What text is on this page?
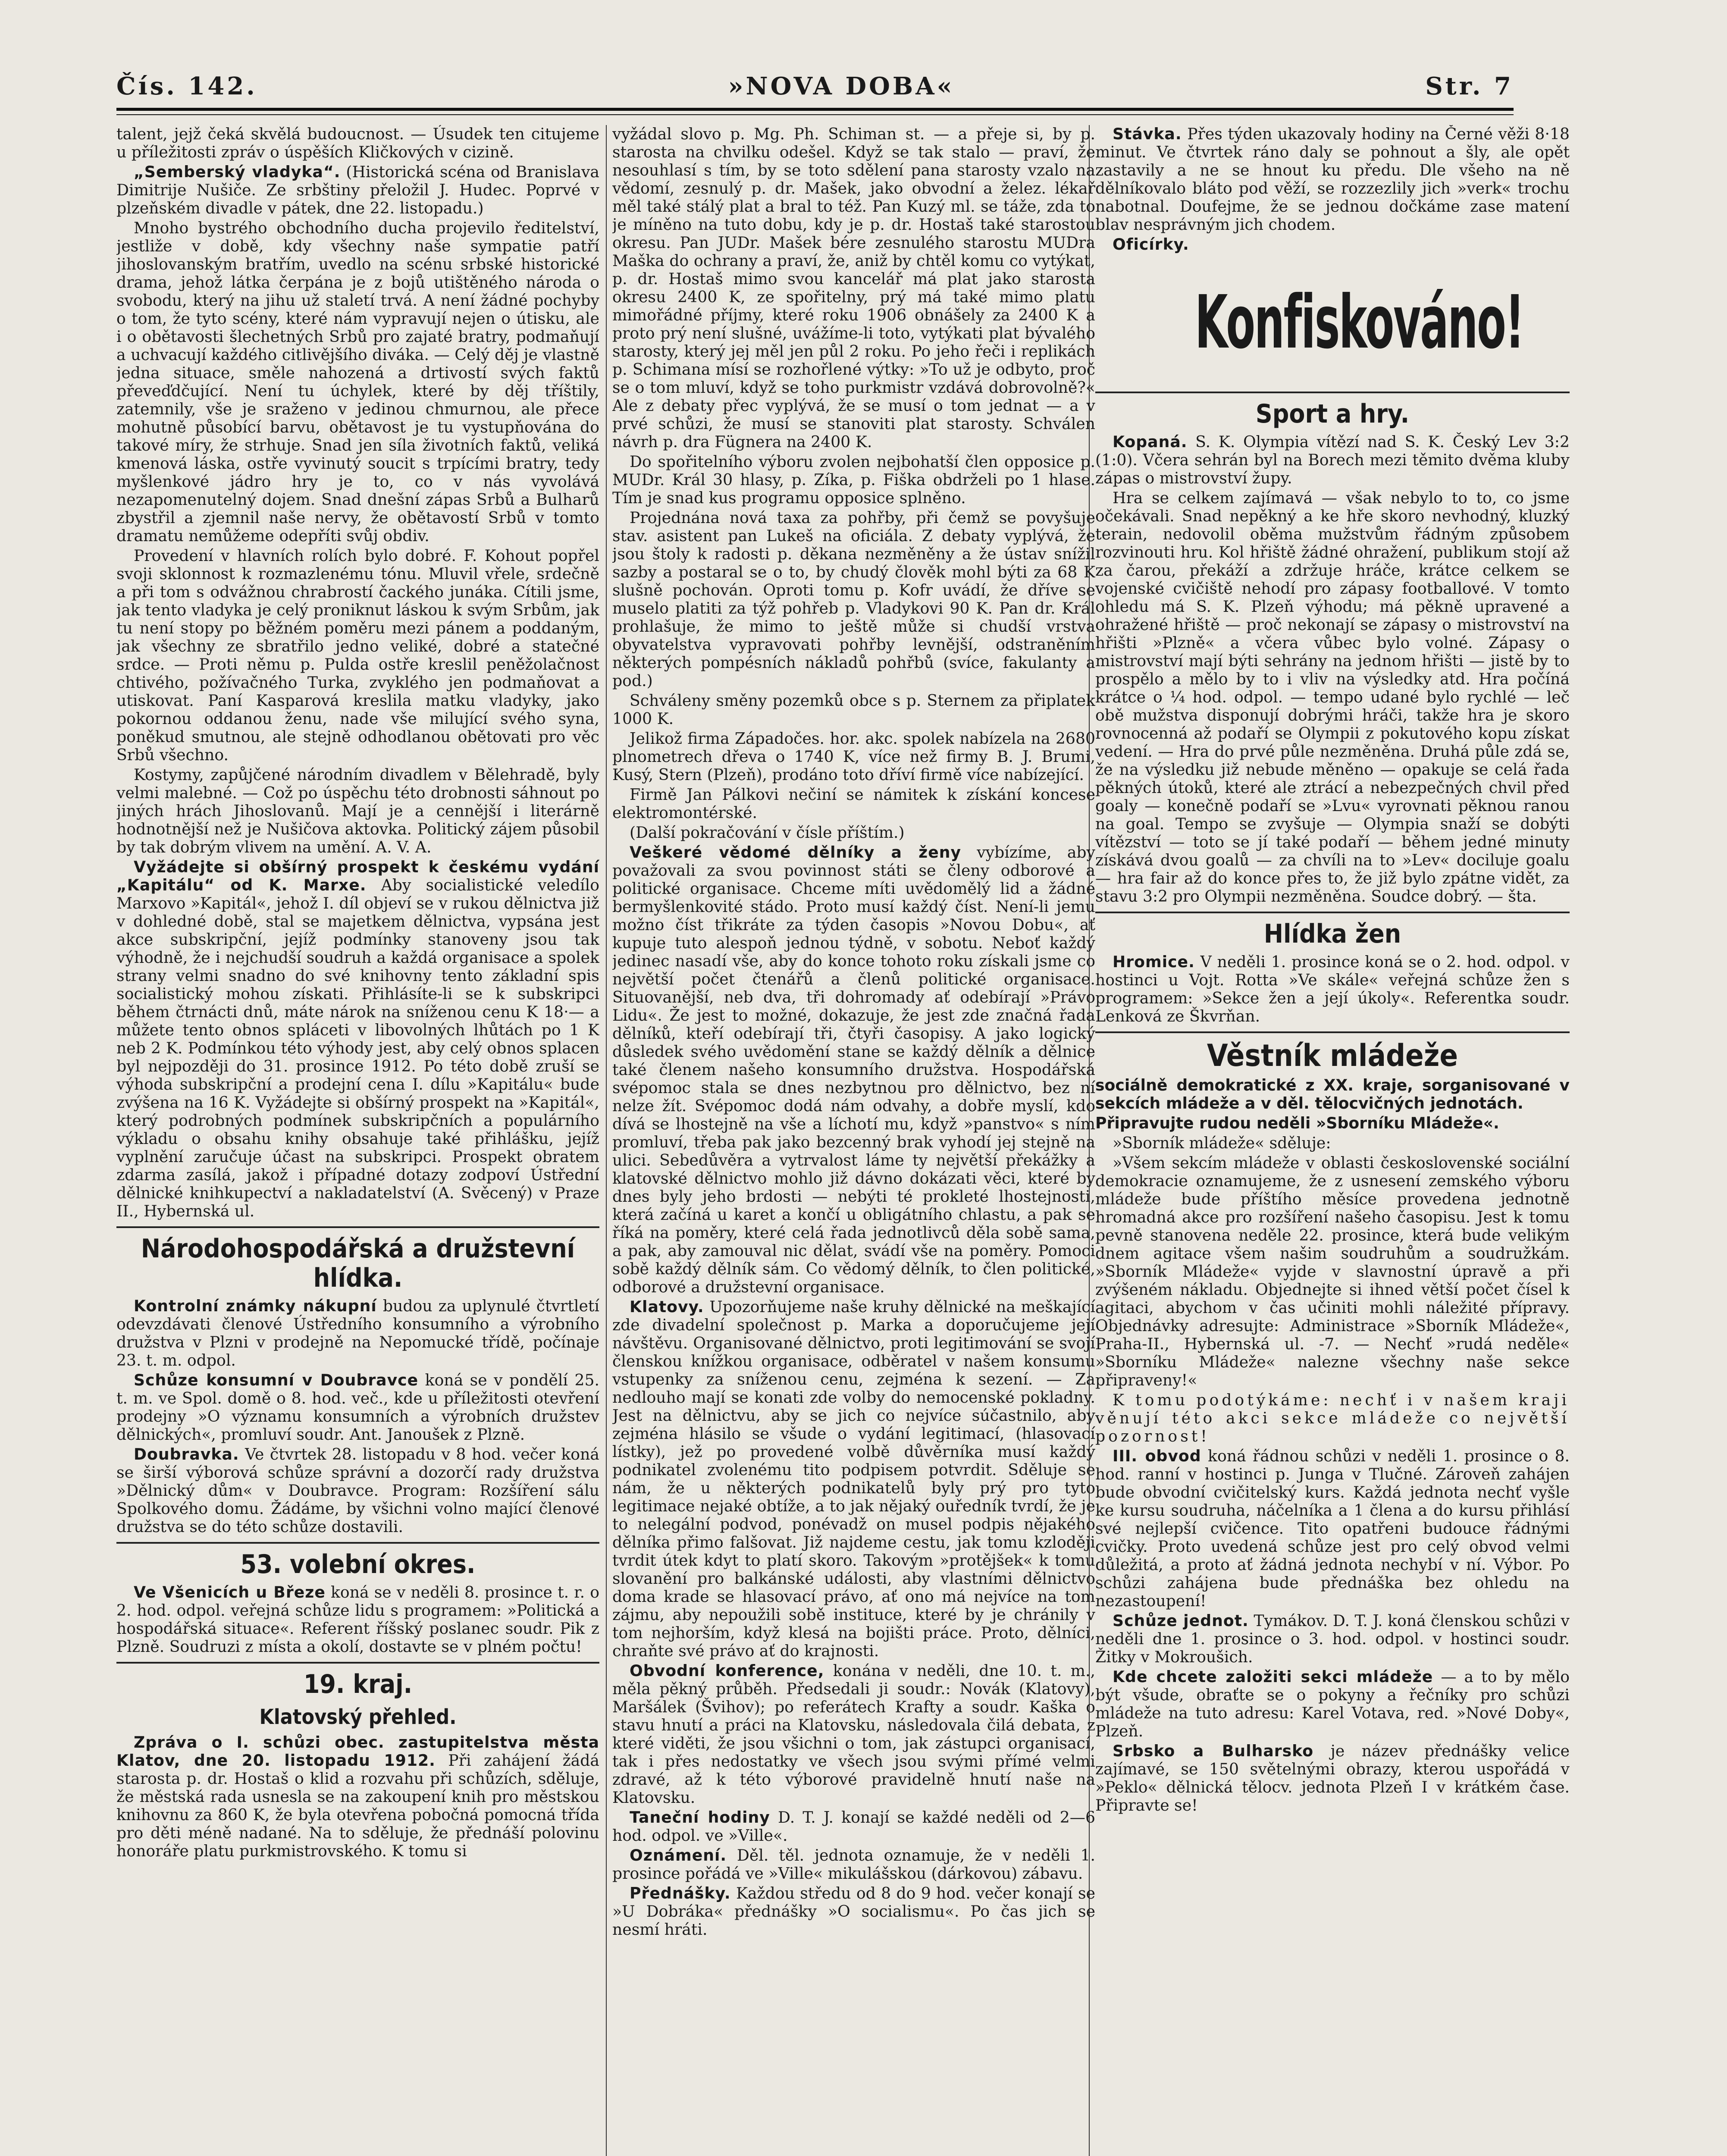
Čís. 142.	»NOVA DOBA«	Str. 7

talent, jejž čeká skvělá budoucnost. — Úsudek ten citujeme u příležitosti zpráv o úspěších Kličkových v cizině.

„Semberský vladyka“. (Historická scéna od Branislava Dimitrije Nušiče. Ze srbštiny přeložil J. Hudec. Poprvé v plzeňském divadle v pátek, dne 22. listopadu.)

Mnoho bystrého obchodního ducha projevilo ředitelství, jestliže v době, kdy všechny naše sympatie patří jihoslovanským bratřím, uvedlo na scénu srbské historické drama, jehož látka čerpána je z bojů utištěného národa o svobodu, který na jihu už staletí trvá. A není žádné pochyby o tom, že tyto scény, které nám vypravují nejen o útisku, ale i o obětavosti šlechetných Srbů pro zajaté bratry, podmaňují a uchvacují každého citlivějšího diváka. — Celý děj je vlastně jedna situace, směle nahozená a drtivostí svých faktů převeďdčující. Není tu úchylek, které by děj tříštily, zatemnily, vše je sraženo v jedinou chmurnou, ale přece mohutně působící barvu, obětavost je tu vystupňována do takové míry, že strhuje. Snad jen síla životních faktů, veliká kmenová láska, ostře vyvinutý soucit s trpícími bratry, tedy myšlenkové jádro hry je to, co v nás vyvolává nezapomenutelný dojem. Snad dnešní zápas Srbů a Bulharů zbystřil a zjemnil naše nervy, že obětavostí Srbů v tomto dramatu nemůžeme odepříti svůj obdiv.

Provedení v hlavních rolích bylo dobré. F. Kohout popřel svoji sklonnost k rozmazlenému tónu. Mluvil vřele, srdečně a při tom s odvážnou chrabrostí čackého junáka. Cítili jsme, jak tento vladyka je celý proniknut láskou k svým Srbům, jak tu není stopy po běžném poměru mezi pánem a poddaným, jak všechny ze sbratřilo jedno veliké, dobré a statečné srdce. — Proti němu p. Pulda ostře kreslil peněžolačnost chtivého, požívačného Turka, zvyklého jen podmaňovat a utiskovat. Paní Kasparová kreslila matku vladyky, jako pokornou oddanou ženu, nade vše milující svého syna, poněkud smutnou, ale stejně odhodlanou obětovati pro věc Srbů všechno.

Kostymy, zapůjčené národním divadlem v Bělehradě, byly velmi malebné. — Což po úspěchu této drobnosti sáhnout po jiných hrách Jihoslovanů. Mají je a cennější i literárně hodnotnější než je Nušičova aktovka. Politický zájem působil by tak dobrým vlivem na umění. A. V. A.

Vyžádejte si obšírný prospekt k českému vydání „Kapitálu“ od K. Marxe. Aby socialistické veledílo Marxovo »Kapitál«, jehož I. díl objeví se v rukou dělnictva již v dohledné době, stal se majetkem dělnictva, vypsána jest akce subskripční, jejíž podmínky stanoveny jsou tak výhodně, že i nejchudší soudruh a každá organisace a spolek strany velmi snadno do své knihovny tento základní spis socialistický mohou získati. Přihlásíte-li se k subskripci během čtrnácti dnů, máte nárok na sníženou cenu K 18·— a můžete tento obnos spláceti v libovolných lhůtách po 1 K neb 2 K. Podmínkou této výhody jest, aby celý obnos splacen byl nejpozději do 31. prosince 1912. Po této době zruší se výhoda subskripční a prodejní cena I. dílu »Kapitálu« bude zvýšena na 16 K. Vyžádejte si obšírný prospekt na »Kapitál«, který podrobných podmínek subskripčních a populárního výkladu o obsahu knihy obsahuje také přihlášku, jejíž vyplnění zaručuje účast na subskripci. Prospekt obratem zdarma zasílá, jakož i případné dotazy zodpoví Ústřední dělnické knihkupectví a nakladatelství (A. Svěcený) v Praze II., Hybernská ul.

Národohospodářská a družstevní hlídka.

Kontrolní známky nákupní budou za uplynulé čtvrtletí odevzdávati členové Ústředního konsumního a výrobního družstva v Plzni v prodejně na Nepomucké třídě, počínaje 23. t. m. odpol.

Schůze konsumní v Doubravce koná se v pondělí 25. t. m. ve Spol. domě o 8. hod. več., kde u příležitosti otevření prodejny »O významu konsumních a výrobních družstev dělnických«, promluví soudr. Ant. Janoušek z Plzně.

Doubravka. Ve čtvrtek 28. listopadu v 8 hod. večer koná se širší výborová schůze správní a dozorčí rady družstva »Dělnický dům« v Doubravce. Program: Rozšíření sálu Spolkového domu. Žádáme, by všichni volno mající členové družstva se do této schůze dostavili.

53. volební okres.

Ve Všenicích u Březe koná se v neděli 8. prosince t. r. o 2. hod. odpol. veřejná schůze lidu s programem: »Politická a hospodářská situace«. Referent říšský poslanec soudr. Pik z Plzně. Soudruzi z místa a okolí, dostavte se v plném počtu!

19. kraj.
Klatovský přehled.

Zpráva o I. schůzi obec. zastupitelstva města Klatov, dne 20. listopadu 1912. Při zahájení žádá starosta p. dr. Hostaš o klid a rozvahu při schůzích, sděluje, že městská rada usnesla se na zakoupení knih pro městskou knihovnu za 860 K, že byla otevřena pobočná pomocná třída pro děti méně nadané. Na to sděluje, že přednáší polovinu honoráře platu purkmistrovského. K tomu si

vyžádal slovo p. Mg. Ph. Schiman st. — a přeje si, by p. starosta na chvilku odešel. Když se tak stalo — praví, že nesouhlasí s tím, by se toto sdělení pana starosty vzalo na vědomí, zesnulý p. dr. Mašek, jako obvodní a želez. lékař měl také stálý plat a bral to též. Pan Kuzý ml. se táže, zda to je míněno na tuto dobu, kdy je p. dr. Hostaš také starostou okresu. Pan JUDr. Mašek bére zesnulého starostu MUDra Maška do ochrany a praví, že, aniž by chtěl komu co vytýkat, p. dr. Hostaš mimo svou kancelář má plat jako starosta okresu 2400 K, ze spořitelny, prý má také mimo platu mimořádné příjmy, které roku 1906 obnášely za 2400 K a proto prý není slušné, uvážíme-li toto, vytýkati plat bývalého starosty, který jej měl jen půl 2 roku. Po jeho řeči i replikách p. Schimana mísí se rozhořlené výtky: »To už je odbyto, proč se o tom mluví, když se toho purkmistr vzdává dobrovolně?« Ale z debaty přec vyplývá, že se musí o tom jednat — a v prvé schůzi, že musí se stanoviti plat starosty. Schválen návrh p. dra Fügnera na 2400 K.

Do spořitelního výboru zvolen nejbohatší člen opposice p. MUDr. Král 30 hlasy, p. Zíka, p. Fiška obdrželi po 1 hlase. Tím je snad kus programu opposice splněno.

Projednána nová taxa za pohřby, při čemž se povyšuje stav. asistent pan Lukeš na oficiála. Z debaty vyplývá, že jsou štoly k radosti p. děkana nezměněny a že ústav snížil sazby a postaral se o to, by chudý člověk mohl býti za 68 K slušně pochován. Oproti tomu p. Kofr uvádí, že dříve se muselo platiti za týž pohřeb p. Vladykovi 90 K. Pan dr. Král prohlašuje, že mimo to ještě může si chudší vrstva obyvatelstva vypravovati pohřby levnější, odstraněním některých pompésních nákladů pohřbů (svíce, fakulanty a pod.)

Schváleny směny pozemků obce s p. Sternem za připlatek 1000 K.

Jelikož firma Západočes. hor. akc. spolek nabízela na 2680 plnometrech dřeva o 1740 K, více než firmy B. J. Brumi, Kusý, Stern (Plzeň), prodáno toto dříví firmě více nabízející.

Firmě Jan Pálkovi nečiní se námitek k získání koncese elektromontérské.

(Další pokračování v čísle příštím.)

Veškeré vědomé dělníky a ženy vybízíme, aby považovali za svou povinnost státi se členy odborové a politické organisace. Chceme míti uvědomělý lid a žádné bermyšlenkovité stádo. Proto musí každý číst. Není-li jemu možno číst třikráte za týden časopis »Novou Dobu«, ať kupuje tuto alespoň jednou týdně, v sobotu. Neboť každý jedinec nasadí vše, aby do konce tohoto roku získali jsme co největší počet čtenářů a členů politické organisace. Situovanější, neb dva, tři dohromady ať odebírají »Právo Lidu«. Že jest to možné, dokazuje, že jest zde značná řada dělníků, kteří odebírají tři, čtyři časopisy. A jako logický důsledek svého uvědomění stane se každý dělník a dělnice také členem našeho konsumního družstva. Hospodářská svépomoc stala se dnes nezbytnou pro dělnictvo, bez ní nelze žít. Svépomoc dodá nám odvahy, a dobře myslí, kdo dívá se lhostejně na vše a líchotí mu, když »panstvo« s ním promluví, třeba pak jako bezcenný brak vyhodí jej stejně na ulici. Sebedůvěra a vytrvalost láme ty největší překážky a klatovské dělnictvo mohlo již dávno dokázati věci, které by dnes byly jeho brdosti — nebýti té prokleté lhostejnosti, která začíná u karet a končí u obligátního chlastu, a pak se říká na poměry, které celá řada jednotlivců děla sobě sama, a pak, aby zamouval nic dělat, svádí vše na poměry. Pomoci sobě každý dělník sám. Co vědomý dělník, to člen politické, odborové a družstevní organisace.

Klatovy. Upozorňujeme naše kruhy dělnické na meškající zde divadelní společnost p. Marka a doporučujeme její návštěvu. Organisované dělnictvo, proti legitimování se svojí členskou knížkou organisace, odběratel v našem konsumu vstupenky za sníženou cenu, zejména k sezení. — Za nedlouho mají se konati zde volby do nemocenské pokladny. Jest na dělnictvu, aby se jich co nejvíce súčastnilo, aby zejména hlásilo se všude o vydání legitimací, (hlasovací lístky), jež po provedené volbě důvěrníka musí každý podnikatel zvolenému tito podpisem potvrdit. Sděluje se nám, že u některých podnikatelů byly prý pro tyto legitimace nejaké obtíže, a to jak nějaký ouředník tvrdí, že je to nelegální podvod, ponévadž on musel podpis nějakého dělníka přimo falšovat. Již najdeme cestu, jak tomu kzloději tvrdit útek kdyt to platí skoro. Takovým »protějšek« k tomu slovanění pro balkánské události, aby vlastními dělnictvo doma krade se hlasovací právo, ať ono má nejvíce na tom zájmu, aby nepoužili sobě instituce, které by je chránily v tom nejhorším, když klesá na bojišti práce. Proto, dělníci, chraňte své právo ať do krajnosti.

Obvodní konference, konána v neděli, dne 10. t. m., měla pěkný průběh. Předsedali ji soudr.: Novák (Klatovy), Maršálek (Švihov); po referátech Krafty a soudr. Kaška o stavu hnutí a práci na Klatovsku, následovala čilá debata, z které viděti, že jsou všichni o tom, jak zástupci organisací, tak i přes nedostatky ve všech jsou svými přímé velmi zdravé, až k této výborové pravidelně hnutí naše na Klatovsku.

Taneční hodiny D. T. J. konají se každé neděli od 2—6 hod. odpol. ve »Ville«.

Oznámení. Děl. těl. jednota oznamuje, že v neděli 1. prosince pořádá ve »Ville« mikulášskou (dárkovou) zábavu.

Přednášky. Každou středu od 8 do 9 hod. večer konají se »U Dobráka« přednášky »O socialismu«. Po čas jich se nesmí hráti.

Stávka. Přes týden ukazovaly hodiny na Černé věži 8·18 minut. Ve čtvrtek ráno daly se pohnout a šly, ale opět zastavily a ne se hnout ku předu. Dle všeho na ně dělníkovalo bláto pod věží, se rozzezlily jich »verk« trochu nabotnal. Doufejme, že se jednou dočkáme zase matení blav nesprávným jich chodem.

Oficírky.

Konfiskováno!
Sport a hry.

Kopaná. S. K. Olympia vítězí nad S. K. Český Lev 3:2 (1:0). Včera sehrán byl na Borech mezi těmito dvěma kluby zápas o mistrovství župy.

Hra se celkem zajímavá — však nebylo to to, co jsme očekávali. Snad nepěkný a ke hře skoro nevhodný, kluzký terain, nedovolil oběma mužstvům řádným způsobem rozvinouti hru. Kol hřiště žádné ohražení, publikum stojí až za čarou, překáží a zdržuje hráče, krátce celkem se vojenské cvičiště nehodí pro zápasy footballové. V tomto ohledu má S. K. Plzeň výhodu; má pěkně upravené a ohražené hřiště — proč nekonají se zápasy o mistrovství na hřišti »Plzně« a včera vůbec bylo volné. Zápasy o mistrovství mají býti sehrány na jednom hřišti — jistě by to prospělo a mělo by to i vliv na výsledky atd. Hra počíná krátce o ¼ hod. odpol. — tempo udané bylo rychlé — leč obě mužstva disponují dobrými hráči, takže hra je skoro rovnocenná až podaří se Olympii z pokutového kopu získat vedení. — Hra do prvé půle nezměněna. Druhá půle zdá se, že na výsledku již nebude měněno — opakuje se celá řada pěkných útoků, které ale ztrácí a nebezpečných chvil před goaly — konečně podaří se »Lvu« vyrovnati pěknou ranou na goal. Tempo se zvyšuje — Olympia snaží se dobýti vítězství — toto se jí také podaří — během jedné minuty získává dvou goalů — za chvíli na to »Lev« dociluje goalu — hra fair až do konce přes to, že již bylo zpátne vidět, za stavu 3:2 pro Olympii nezměněna. Soudce dobrý. — šta.

Hlídka žen

Hromice. V neděli 1. prosince koná se o 2. hod. odpol. v hostinci u Vojt. Rotta »Ve skále« veřejná schůze žen s programem: »Sekce žen a její úkoly«. Referentka soudr. Lenková ze Škvrňan.

Věstník mládeže

sociálně demokratické z XX. kraje, sorganisované v sekcích mládeže a v děl. tělocvičných jednotách.

Připravujte rudou neděli »Sborníku Mládeže«.

»Sborník mládeže« sděluje:

»Všem sekcím mládeže v oblasti československé sociální demokracie oznamujeme, že z usnesení zemského výboru mládeže bude příštího měsíce provedena jednotně hromadná akce pro rozšíření našeho časopisu. Jest k tomu pevně stanovena neděle 22. prosince, která bude velikým dnem agitace všem našim soudruhům a soudružkám. »Sborník Mládeže« vyjde v slavnostní úpravě a při zvýšeném nákladu. Objednejte si ihned větší počet čísel k agitaci, abychom v čas učiniti mohli náležité přípravy. Objednávky adresujte: Administrace »Sborník Mládeže«, Praha-II., Hybernská ul. -7. — Nechť »rudá neděle« »Sborníku Mládeže« nalezne všechny naše sekce připraveny!«

K tomu podotýkáme: nechť i v našem kraji věnují této akci sekce mládeže co největší pozornost!

III. obvod koná řádnou schůzi v neděli 1. prosince o 8. hod. ranní v hostinci p. Junga v Tlučné. Zároveň zahájen bude obvodní cvičitelský kurs. Každá jednota nechť vyšle ke kursu soudruha, náčelníka a 1 člena a do kursu přihlásí své nejlepší cvičence. Tito opatřeni budouce řádnými cvičky. Proto uvedená schůze jest pro celý obvod velmi důležitá, a proto ať žádná jednota nechybí v ní. Výbor. Po schůzi zahájena bude přednáška bez ohledu na nezastoupení!

Schůze jednot. Tymákov. D. T. J. koná členskou schůzi v neděli dne 1. prosince o 3. hod. odpol. v hostinci soudr. Žitky v Mokroušich.

Kde chcete založiti sekci mládeže — a to by mělo být všude, obraťte se o pokyny a řečníky pro schůzi mládeže na tuto adresu: Karel Votava, red. »Nové Doby«, Plzeň.

Srbsko a Bulharsko je název přednášky velice zajímavé, se 150 světelnými obrazy, kterou uspořádá v »Peklo« dělnická tělocv. jednota Plzeň I v krátkém čase. Připravte se!
